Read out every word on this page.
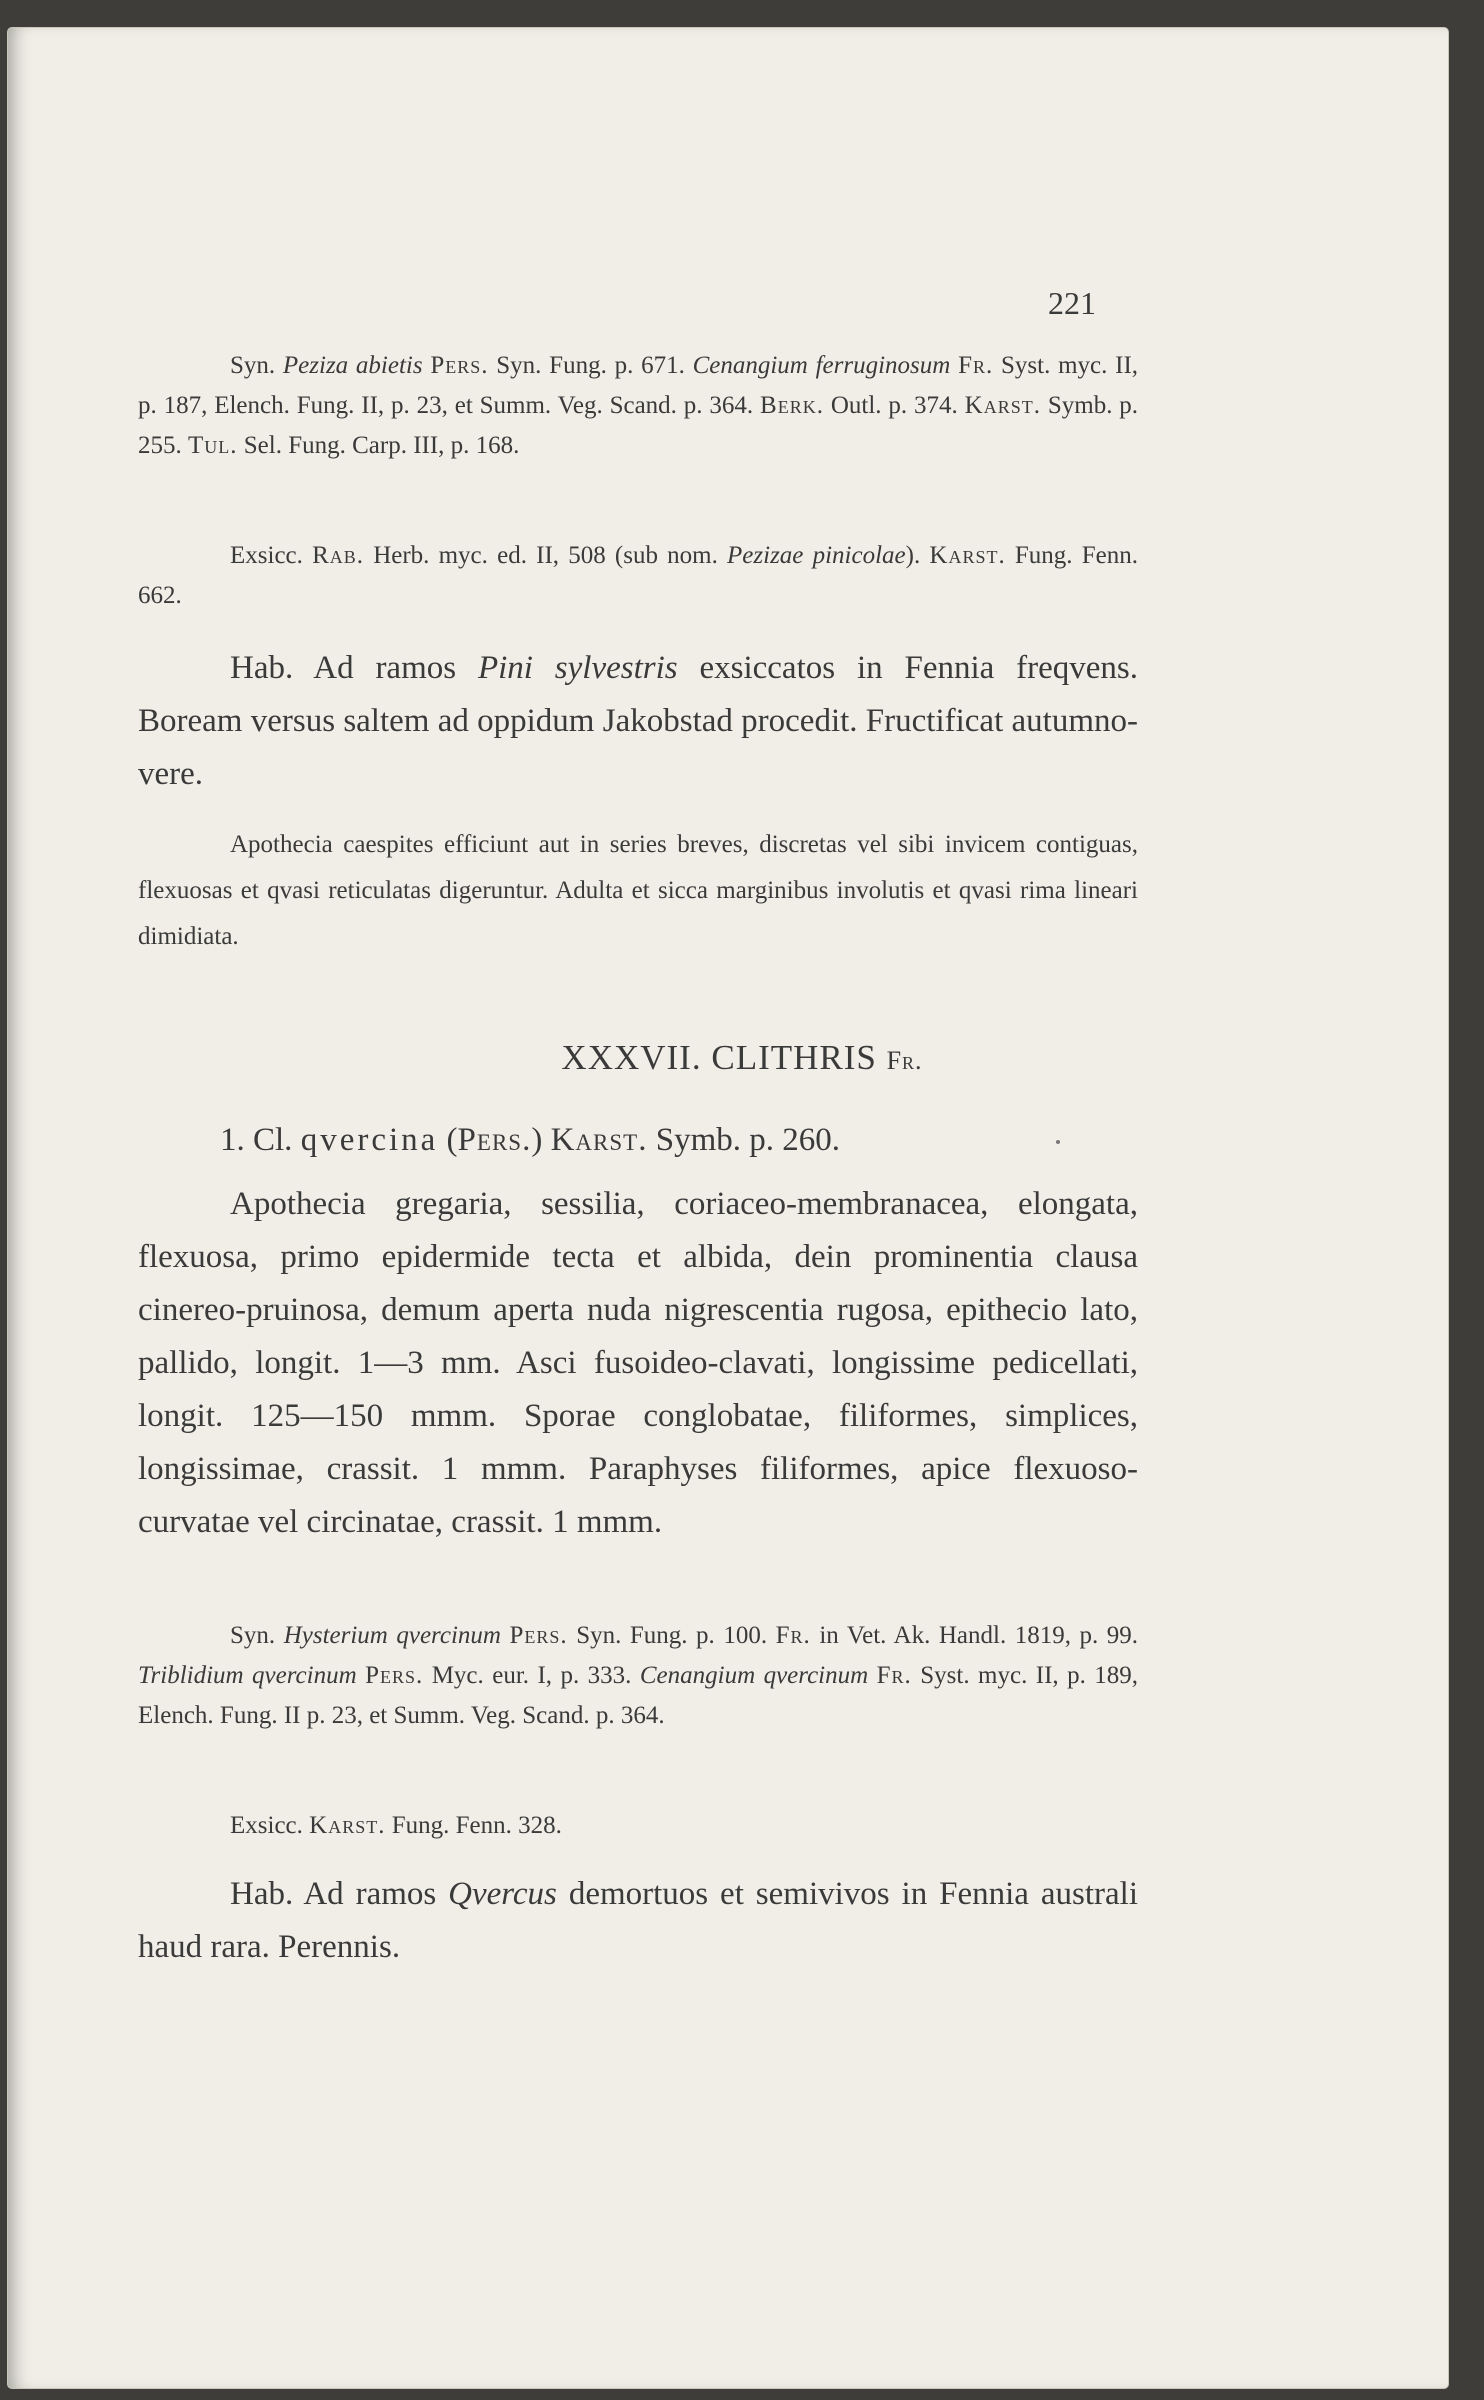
221
Syn. Peziza abietis Pers. Syn. Fung. p. 671. Cenangium ferruginosum Fr. Syst. myc. II, p. 187, Elench. Fung. II, p. 23, et Summ. Veg. Scand. p. 364. Berk. Outl. p. 374. Karst. Symb. p. 255. Tul. Sel. Fung. Carp. III, p. 168.
Exsicc. Rab. Herb. myc. ed. II, 508 (sub nom. Pezizae pinicolae). Karst. Fung. Fenn. 662.
Hab. Ad ramos Pini sylvestris exsiccatos in Fennia freqvens. Boream versus saltem ad oppidum Jakobstad procedit. Fructificat autumno-vere.
Apothecia caespites efficiunt aut in series breves, discretas vel sibi invicem contiguas, flexuosas et qvasi reticulatas digeruntur. Adulta et sicca marginibus involutis et qvasi rima lineari dimidiata.
XXXVII. CLITHRIS Fr.
1. Cl. qvercina (Pers.) Karst. Symb. p. 260.
Apothecia gregaria, sessilia, coriaceo-membranacea, elongata, flexuosa, primo epidermide tecta et albida, dein prominentia clausa cinereo-pruinosa, demum aperta nuda nigrescentia rugosa, epithecio lato, pallido, longit. 1—3 mm. Asci fusoideo-clavati, longissime pedicellati, longit. 125—150 mmm. Sporae conglobatae, filiformes, simplices, longissimae, crassit. 1 mmm. Paraphyses filiformes, apice flexuoso-curvatae vel circinatae, crassit. 1 mmm.
Syn. Hysterium qvercinum Pers. Syn. Fung. p. 100. Fr. in Vet. Ak. Handl. 1819, p. 99. Triblidium qvercinum Pers. Myc. eur. I, p. 333. Cenangium qvercinum Fr. Syst. myc. II, p. 189, Elench. Fung. II p. 23, et Summ. Veg. Scand. p. 364.
Exsicc. Karst. Fung. Fenn. 328.
Hab. Ad ramos Qvercus demortuos et semivivos in Fennia australi haud rara. Perennis.
